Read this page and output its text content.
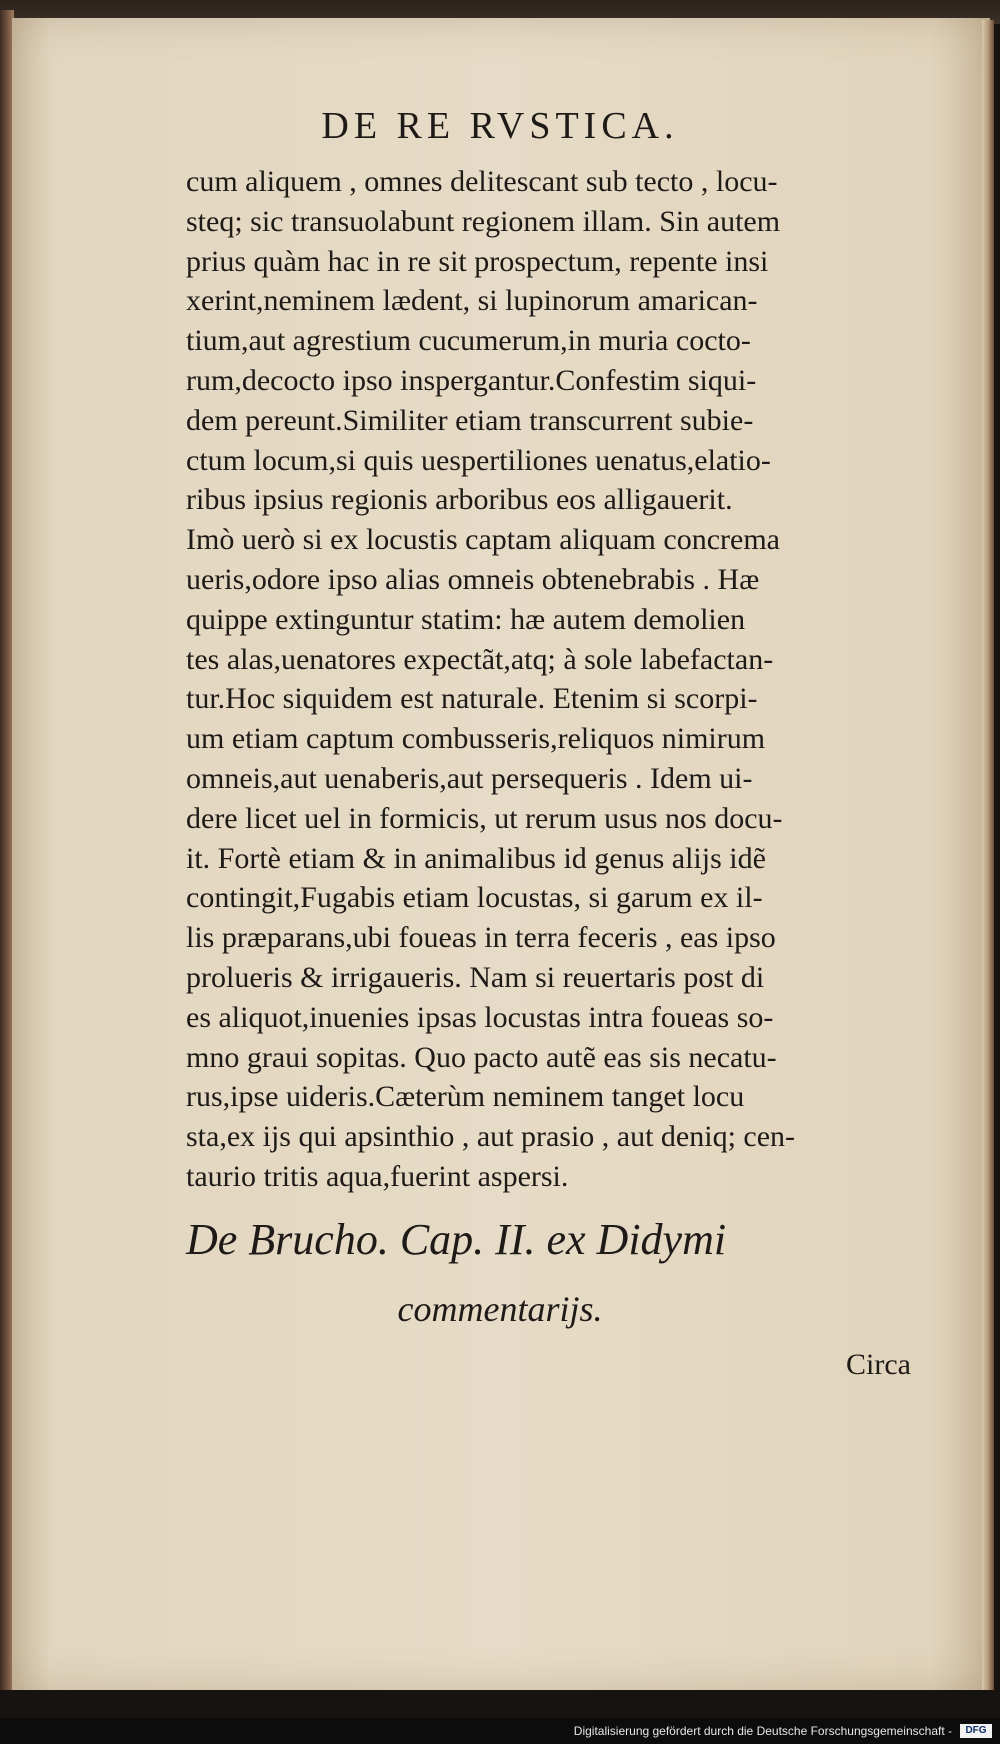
DE RE RVSTICA.
cum aliquem , omnes delitescant sub tecto , locu-
steq; sic transuolabunt regionem illam. Sin autem
prius quàm hac in re sit prospectum, repente insi
xerint,neminem lædent, si lupinorum amarican-
tium,aut agrestium cucumerum,in muria cocto-
rum,decocto ipso inspergantur.Confestim siqui-
dem pereunt.Similiter etiam transcurrent subie-
ctum locum,si quis uespertiliones uenatus,elatio-
ribus ipsius regionis arboribus eos alligauerit.
Imò uerò si ex locustis captam aliquam concrema
ueris,odore ipso alias omneis obtenebrabis . Hæ
quippe extinguntur statim: hæ autem demolien
tes alas,uenatores expectãt,atq; à sole labefactan-
tur.Hoc siquidem est naturale. Etenim si scorpi-
um etiam captum combusseris,reliquos nimirum
omneis,aut uenaberis,aut persequeris . Idem ui-
dere licet uel in formicis, ut rerum usus nos docu-
it. Fortè etiam & in animalibus id genus alijs idẽ
contingit,Fugabis etiam locustas, si garum ex il-
lis præparans,ubi foueas in terra feceris , eas ipso
prolueris & irrigaueris. Nam si reuertaris post di
es aliquot,inuenies ipsas locustas intra foueas so-
mno graui sopitas. Quo pacto autẽ eas sis necatu-
rus,ipse uideris.Cæterùm neminem tanget locu
sta,ex ijs qui apsinthio , aut prasio , aut deniq; cen-
taurio tritis aqua,fuerint aspersi.
De Brucho. Cap. II. ex Didymi
commentarijs.
Circa
Digitalisierung gefördert durch die Deutsche Forschungsgemeinschaft -	DFG
